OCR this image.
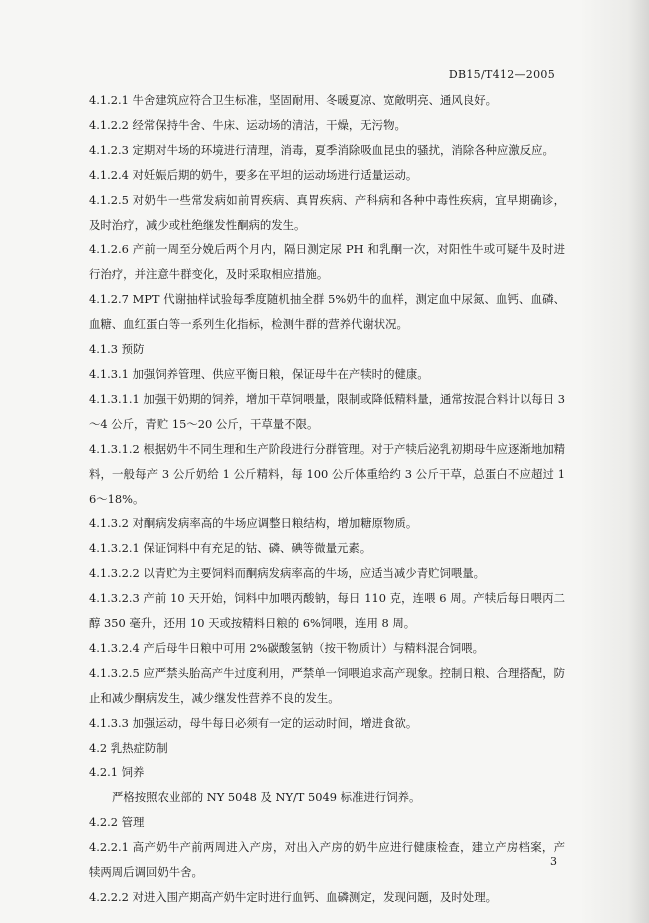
DB15/T412—2005

4.1.2.1 牛舍建筑应符合卫生标准，坚固耐用、冬暖夏凉、宽敞明亮、通风良好。

4.1.2.2 经常保持牛舍、牛床、运动场的清洁，干燥，无污物。

4.1.2.3 定期对牛场的环境进行清理，消毒，夏季消除吸血昆虫的骚扰，消除各种应激反应。

4.1.2.4 对妊娠后期的奶牛，要多在平坦的运动场进行适量运动。

4.1.2.5 对奶牛一些常发病如前胃疾病、真胃疾病、产科病和各种中毒性疾病，宜早期确诊，及时治疗，减少或杜绝继发性酮病的发生。

4.1.2.6 产前一周至分娩后两个月内，隔日测定尿 PH 和乳酮一次，对阳性牛或可疑牛及时进行治疗，并注意牛群变化，及时采取相应措施。

4.1.2.7 MPT 代谢抽样试验每季度随机抽全群 5%奶牛的血样，测定血中尿氮、血钙、血磷、血糖、血红蛋白等一系列生化指标，检测牛群的营养代谢状况。

4.1.3 预防

4.1.3.1 加强饲养管理、供应平衡日粮，保证母牛在产犊时的健康。

4.1.3.1.1 加强干奶期的饲养，增加干草饲喂量，限制或降低精料量，通常按混合料计以每日 3～4 公斤，青贮 15～20 公斤，干草量不限。

4.1.3.1.2 根据奶牛不同生理和生产阶段进行分群管理。对于产犊后泌乳初期母牛应逐渐地加精料，一般每产 3 公斤奶给 1 公斤精料，每 100 公斤体重给约 3 公斤干草，总蛋白不应超过 16～18%。

4.1.3.2 对酮病发病率高的牛场应调整日粮结构，增加糖原物质。

4.1.3.2.1 保证饲料中有充足的钴、磷、碘等微量元素。

4.1.3.2.2 以青贮为主要饲料而酮病发病率高的牛场，应适当减少青贮饲喂量。

4.1.3.2.3 产前 10 天开始，饲料中加喂丙酸钠，每日 110 克，连喂 6 周。产犊后每日喂丙二醇 350 毫升，还用 10 天或按精料日粮的 6%饲喂，连用 8 周。

4.1.3.2.4 产后母牛日粮中可用 2%碳酸氢钠（按干物质计）与精料混合饲喂。

4.1.3.2.5 应严禁头胎高产牛过度利用，严禁单一饲喂追求高产现象。控制日粮、合理搭配，防止和减少酮病发生，减少继发性营养不良的发生。

4.1.3.3 加强运动，母牛每日必须有一定的运动时间，增进食欲。

4.2 乳热症防制

4.2.1 饲养

严格按照农业部的 NY 5048 及 NY/T 5049 标准进行饲养。

4.2.2 管理

4.2.2.1 高产奶牛产前两周进入产房，对出入产房的奶牛应进行健康检查，建立产房档案，产犊两周后调回奶牛舍。

4.2.2.2 对进入围产期高产奶牛定时进行血钙、血磷测定，发现问题，及时处理。

3
